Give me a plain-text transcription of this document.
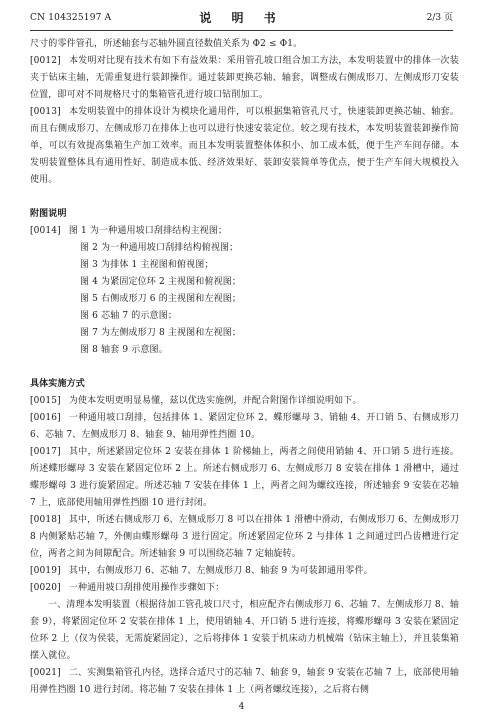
CN 104325197 A	说 明 书	2/3 页

尺寸的零件管孔，所述轴套与芯轴外圆直径数值关系为 Φ2 ≤ Φ1。

[0012] 本发明对比现有技术有如下有益效果：采用管孔坡口组合加工方法，本发明装置中的排体一次装夹于钻床主轴，无需重复进行装卸操作。通过装卸更换芯轴、轴套，调整成右侧成形刀、左侧成形刀安装位置，即可对不同规格尺寸的集箱管孔进行坡口钻削加工。

[0013] 本发明装置中的排体设计为模块化通用件，可以根据集箱管孔尺寸，快速装卸更换芯轴、轴套。而且右侧成形刀、左侧成形刀在排体上也可以进行快速安装定位。较之现有技术，本发明装置装卸操作简单，可以有效提高集箱生产加工效率。而且本发明装置整体体积小、加工成本低，便于生产车间存储。本发明装置整体具有通用性好、制造成本低、经济效果好、装卸安装简单等优点，便于生产车间大规模投入使用。

附图说明

[0014] 图 1 为一种通用坡口刮排结构主视图；

图 2 为一种通用坡口刮排结构俯视图；

图 3 为排体 1 主视图和俯视图；

图 4 为紧固定位环 2 主视图和俯视图；

图 5 右侧成形刀 6 的主视图和左视图；

图 6 芯轴 7 的示意图；

图 7 为左侧成形刀 8 主视图和左视图；

图 8 轴套 9 示意图。

具体实施方式

[0015] 为使本发明更明显易懂，兹以优选实施例，并配合附图作详细说明如下。

[0016] 一种通用坡口刮排，包括排体 1、紧固定位环 2、蝶形螺母 3、销轴 4、开口销 5、右侧成形刀 6、芯轴 7、左侧成形刀 8、轴套 9、轴用弹性挡圈 10。

[0017] 其中，所述紧固定位环 2 安装在排体 1 阶梯轴上，两者之间使用销轴 4、开口销 5 进行连接。所述蝶形螺母 3 安装在紧固定位环 2 上。所述右侧成形刀 6、左侧成形刀 8 安装在排体 1 滑槽中，通过蝶形螺母 3 进行旋紧固定。所述芯轴 7 安装在排体 1 上，两者之间为螺纹连接，所述轴套 9 安装在芯轴 7 上，底部使用轴用弹性挡圈 10 进行封闭。

[0018] 其中，所述右侧成形刀 6、左侧成形刀 8 可以在排体 1 滑槽中滑动，右侧成形刀 6、左侧成形刀 8 内侧紧贴芯轴 7，外侧由蝶形螺母 3 进行固定。所述紧固定位环 2 与排体 1 之间通过凹凸齿槽进行定位，两者之间为间隙配合。所述轴套 9 可以围绕芯轴 7 定轴旋转。

[0019] 其中，右侧成形刀 6、芯轴 7、左侧成形刀 8、轴套 9 为可装卸通用零件。

[0020] 一种通用坡口刮排使用操作步骤如下：

一、清理本发明装置（根据待加工管孔坡口尺寸，相应配齐右侧成形刀 6、芯轴 7、左侧成形刀 8、轴套 9），将紧固定位环 2 安装在排体 1 上，使用销轴 4、开口销 5 进行连接，将蝶形螺母 3 安装在紧固定位环 2 上（仅为侯装，无需旋紧固定），之后将排体 1 安装于机床动力机械端（钻床主轴上），并且装集箱摆入就位。

[0021] 二、实测集箱管孔内径，选择合适尺寸的芯轴 7、轴套 9，轴套 9 安装在芯轴 7 上，底部使用轴用弹性挡圈 10 进行封闭。将芯轴 7 安装在排体 1 上（两者螺纹连接），之后将右侧

4
